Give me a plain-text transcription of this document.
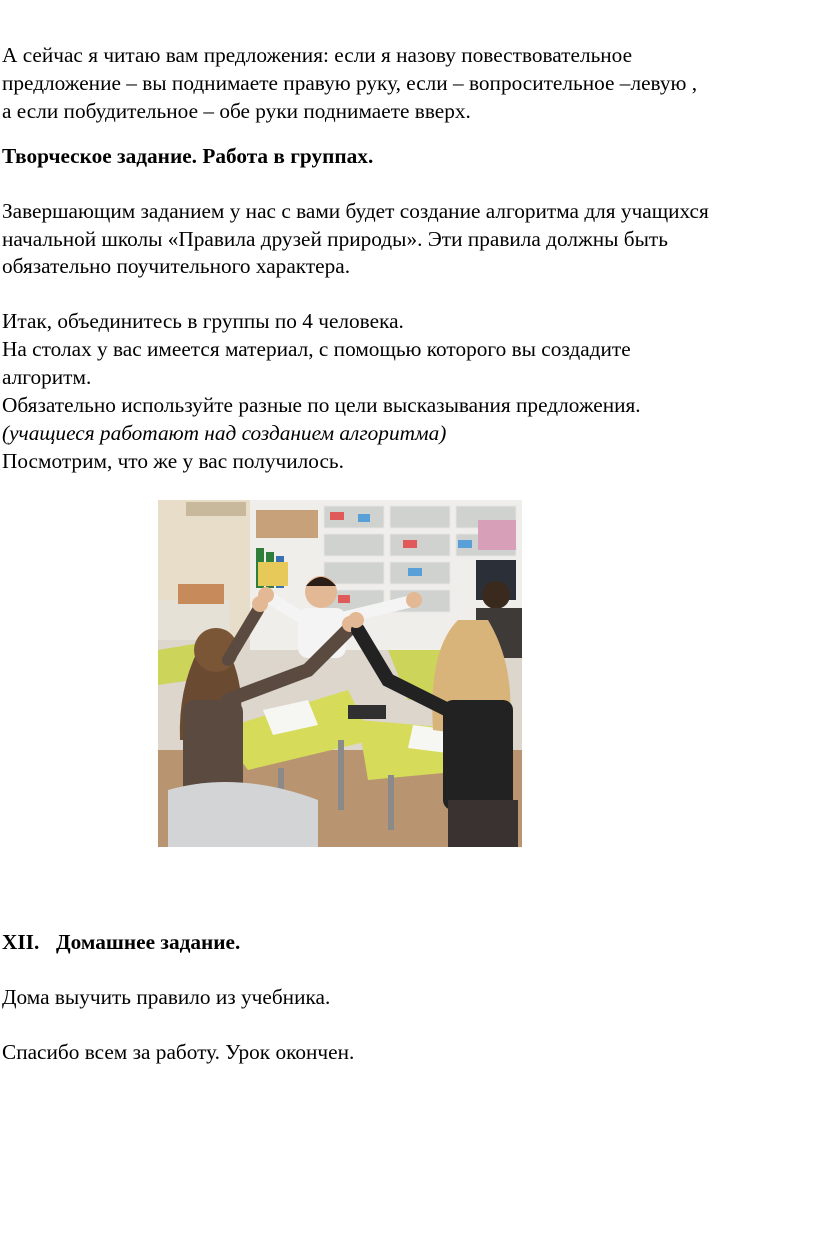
А сейчас я читаю вам предложения: если я назову повествовательное

предложение – вы поднимаете правую руку, если – вопросительное –левую ,

а если побудительное – обе руки поднимаете вверх.

Творческое задание. Работа в группах.

Завершающим заданием у нас с вами будет создание алгоритма для учащихся

начальной школы «Правила друзей природы». Эти правила должны быть

обязательно поучительного характера.

Итак, объединитесь в группы по 4 человека.

На столах у вас имеется материал, с помощью которого вы создадите

алгоритм.

Обязательно используйте разные по цели высказывания предложения.

(учащиеся работают над созданием алгоритма)

Посмотрим, что же у вас получилось.

XII. Домашнее задание.

Дома выучить правило из учебника.

Спасибо всем за работу. Урок окончен.
